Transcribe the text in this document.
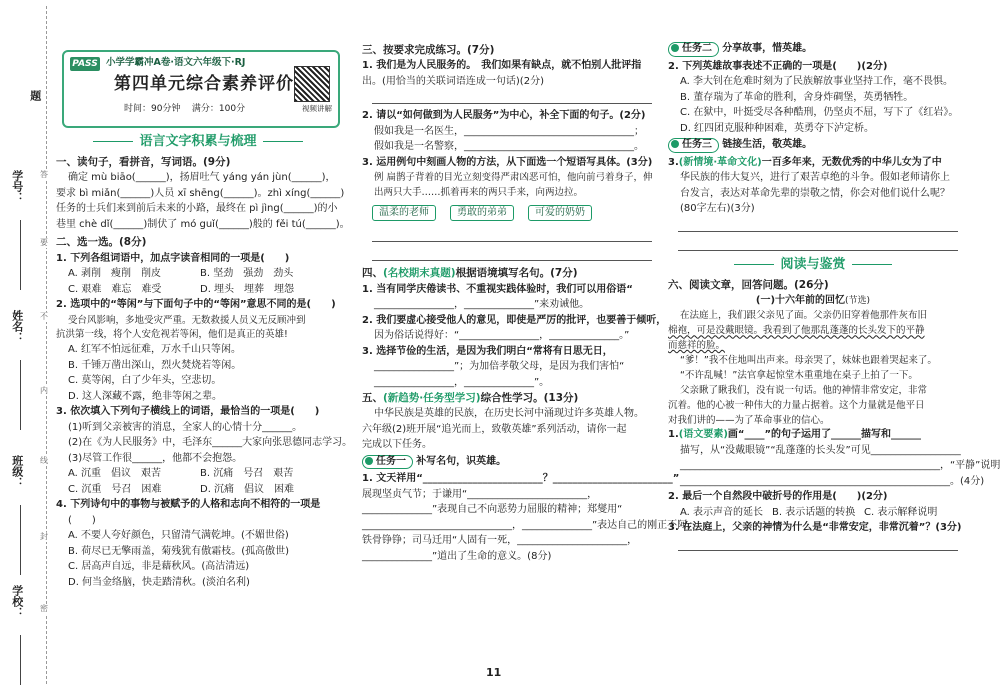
题
学号：
姓名：
班级：
学校：
答
要
不
内
线
封
密
PASS 小学学霸冲A卷·语文六年级下·RJ
第四单元综合素养评价
时间：90分钟 满分：100分	视频讲解
语言文字积累与梳理
一、读句子，看拼音，写词语。(9分)
确定 mù biāo(______)，扬眉吐气 yáng yán jùn(______)，
要求 bì miǎn(______)人员 xī shēng(______)。zhì xíng(______)
任务的士兵们来到前后未来的小路，最终在 pì jìng(______)的小
巷里 chè dǐ(______)制伏了 mó guǐ(______)般的 fěi tú(______)。
二、选一选。(8分)
1. 下列各组词语中，加点字读音相同的一项是(　　)
A. 剥削　瘦削　削皮	B. 坚劲　强劲　劲头
C. 艰难　难忘　难受	D. 埋头　埋葬　埋怨
2. 选项中的“等闲”与下面句子中的“等闲”意思不同的是(　　)
受台风影响，多地受灾严重。无数救援人员义无反顾冲到
抗洪第一线，将个人安危视若等闲，他们是真正的英雄!
A. 红军不怕远征难，万水千山只等闲。
B. 千锤万凿出深山，烈火焚烧若等闲。
C. 莫等闲，白了少年头，空悲切。
D. 这人深藏不露，绝非等闲之辈。
3. 依次填入下列句子横线上的词语，最恰当的一项是(　　)
(1)听到父亲被害的消息，全家人的心情十分______。
(2)在《为人民服务》中，毛泽东______大家向张思德同志学习。
(3)尽管工作很______，他都不会抱怨。
A. 沉重　倡议　艰苦	B. 沉痛　号召　艰苦
C. 沉重　号召　困难	D. 沉痛　倡议　困难
4. 下列诗句中的事物与被赋予的人格和志向不相符的一项是
(　　)
A. 不要人夸好颜色，只留清气满乾坤。(不媚世俗)
B. 荷尽已无擎雨盖，菊残犹有傲霜枝。(孤高傲世)
C. 居高声自远，非是藉秋风。(高洁清远)
D. 何当金络脑，快走踏清秋。(淡泊名利)
三、按要求完成练习。(7分)
1. 我们是为人民服务的。　我们如果有缺点，就不怕别人批评指
出。(用恰当的关联词语连成一句话)(2分)
2. 请以“如何做到为人民服务”为中心，补全下面的句子。(2分)
假如我是一名医生，__________________________________；
假如我是一名警察，__________________________________。
3. 运用例句中刻画人物的方法，从下面选一个短语写具体。(3分)
例 扁鹊子背着的目光立刻变得严肃凶恶可怕，他向前弓着身子，伸
出两只大手……抓着再来的两只手来，向两边拉。
温柔的老师	勇敢的弟弟	可爱的奶奶
四、(名校期末真题)根据语境填写名句。(7分)
1. 当有同学庆倦读书、不重视实践体验时，我们可以用俗语“
________________，______________”来劝诫他。
2. 我们要虚心接受他人的意见，即使是严厉的批评，也要善于倾听，
因为俗话说得好：“________________，______________。”
3. 选择节俭的生活，是因为我们明白“常将有日思无日，
________________”；为加倍孝敬父母，是因为我们害怕“
________________，______________”。
五、(新趋势·任务型学习)综合性学习。(13分)
中华民族是英雄的民族，在历史长河中涌现过许多英雄人物。
六年级(2)班开展“追光而上，致敬英雄”系列活动，请你一起
完成以下任务。
任务一 补写名句，识英雄。
1. 文天祥用“________________________？________________________”
展现坚贞气节；于谦用“________________________，
______________”表现自己不向恶势力屈服的精神；郑燮用“
______________________________，______________”表达自己的刚正不阿、
铁骨铮铮；司马迁用“人固有一死，______________________，
______________”道出了生命的意义。(8分)
任务二 分享故事，惜英雄。
2. 下列英雄故事表述不正确的一项是(　　)(2分)
A. 李大钊在危难时刻为了民族解放事业坚持工作，毫不畏惧。
B. 董存瑞为了革命的胜利，舍身炸碉堡，英勇牺牲。
C. 在狱中，叶挺受尽各种酷刑，仍坚贞不屈，写下了《红岩》。
D. 红四团克服种种困难，英勇夺下泸定桥。
任务三 链接生活，敬英雄。
3.(新情境·革命文化)一百多年来，无数优秀的中华儿女为了中
华民族的伟大复兴，进行了艰苦卓绝的斗争。假如老师请你上
台发言，表达对革命先辈的崇敬之情，你会对他们说什么呢？
(80字左右)(3分)
阅读与鉴赏
六、阅读文章，回答问题。(26分)
(一)十六年前的回忆(节选)
在法庭上，我们跟父亲见了面。父亲仍旧穿着他那件灰布旧
棉袍，可是没戴眼镜。我看到了他那乱蓬蓬的长头发下的平静
而慈祥的脸。
“爹！”我不住地叫出声来。母亲哭了，妹妹也跟着哭起来了。
“不许乱喊！”法官拿起惊堂木重重地在桌子上拍了一下。
父亲瞅了瞅我们，没有说一句话。他的神情非常安定，非常
沉着。他的心被一种伟大的力量占据着。这个力量就是他平日
对我们讲的——为了革命事业的信心。
1.(语文要素)画“____”的句子运用了______描写和______
描写，从“没戴眼镜”“乱蓬蓬的长头发”可见__________________
____________________________________________________，“平静”说明
______________________________________________________。(4分)
2. 最后一个自然段中破折号的作用是(　　)(2分)
A. 表示声音的延长 B. 表示话题的转换 C. 表示解释说明
3. 在法庭上，父亲的神情为什么是“非常安定，非常沉着”？(3分)
11
